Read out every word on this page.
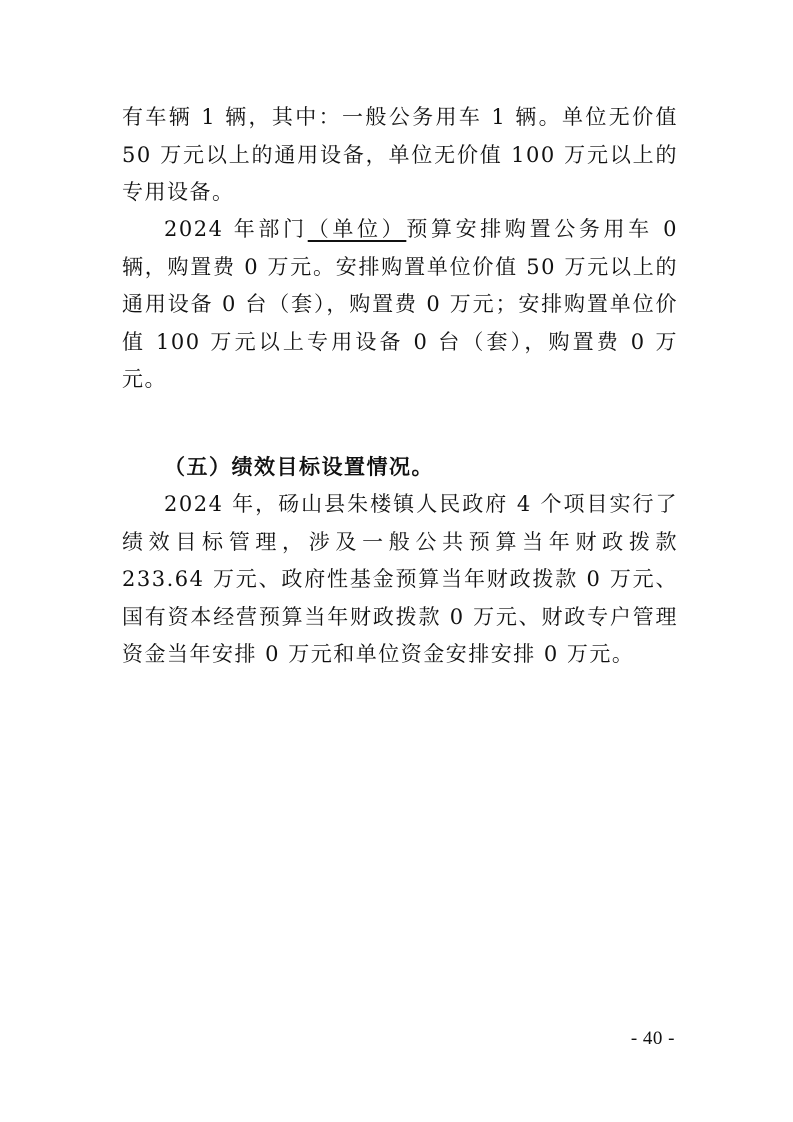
有车辆 1 辆，其中：一般公务用车 1 辆。单位无价值 50 万元以上的通用设备，单位无价值 100 万元以上的专用设备。

2024 年部门（单位）预算安排购置公务用车 0 辆，购置费 0 万元。安排购置单位价值 50 万元以上的通用设备 0 台（套），购置费 0 万元；安排购置单位价值 100 万元以上专用设备 0 台（套），购置费 0 万元。

（五）绩效目标设置情况。

2024 年，砀山县朱楼镇人民政府 4 个项目实行了绩效目标管理，涉及一般公共预算当年财政拨款 233.64 万元、政府性基金预算当年财政拨款 0 万元、国有资本经营预算当年财政拨款 0 万元、财政专户管理资金当年安排 0 万元和单位资金安排安排 0 万元。

- 40 -
